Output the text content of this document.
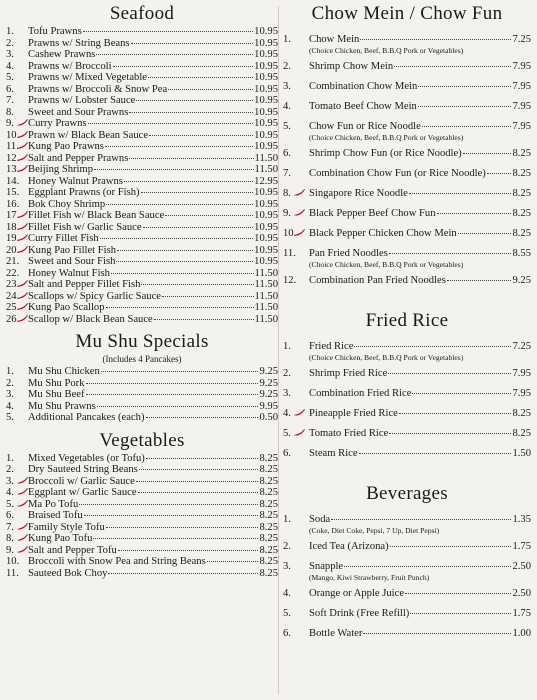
Seafood
1.	Tofu Prawns	10.95
2.	Prawns w/ String Beans	10.95
3.	Cashew Prawns	10.95
4.	Prawns w/ Broccoli	10.95
5.	Prawns w/ Mixed Vegetable	10.95
6.	Prawns w/ Broccoli & Snow Pea	10.95
7.	Prawns w/ Lobster Sauce	10.95
8.	Sweet and Sour Prawns	10.95
9.	Curry Prawns	10.95
10. Prawn w/ Black Bean Sauce	10.95
11. Kung Pao Prawns	10.95
12. Salt and Pepper Prawns	11.50
13. Beijing Shrimp	11.50
14. Honey Walnut Prawns	12.95
15. Eggplant Prawns (or Fish)	10.95
16. Bok Choy Shrimp	10.95
17. Fillet Fish w/ Black Bean Sauce	10.95
18. Fillet Fish w/ Garlic Sauce	10.95
19. Curry Fillet Fish	10.95
20. Kung Pao Fillet Fish	10.95
21. Sweet and Sour Fish	10.95
22. Honey Walnut Fish	11.50
23. Salt and Pepper Fillet Fish	11.50
24. Scallops w/ Spicy Garlic Sauce	11.50
25. Kung Pao Scallop	11.50
26. Scallop w/ Black Bean Sauce	11.50
Mu Shu Specials
(Includes 4 Pancakes)
1.	Mu Shu Chicken	9.25
2.	Mu Shu Pork	9.25
3.	Mu Shu Beef	9.25
4.	Mu Shu Prawns	9.95
5.	Additional Pancakes (each)	0.50
Vegetables
1.	Mixed Vegetables (or Tofu)	8.25
2.	Dry Sauteed String Beans	8.25
3.	Broccoli w/ Garlic Sauce	8.25
4.	Eggplant w/ Garlic Sauce	8.25
5.	Ma Po Tofu	8.25
6.	Braised Tofu	8.25
7.	Family Style Tofu	8.25
8.	Kung Pao Tofu	8.25
9.	Salt and Pepper Tofu	8.25
10. Broccoli with Snow Pea and String Beans	8.25
11. Sauteed Bok Choy	8.25
Chow Mein / Chow Fun
1.	Chow Mein	7.25
(Choice Chicken, Beef, B.B.Q Pork or Vegetables)
2.	Shrimp Chow Mein	7.95
3.	Combination Chow Mein	7.95
4.	Tomato Beef Chow Mein	7.95
5.	Chow Fun or Rice Noodle	7.95
(Choice Chicken, Beef, B.B.Q Pork or Vegetables)
6.	Shrimp Chow Fun (or Rice Noodle)	8.25
7.	Combination Chow Fun (or Rice Noodle)	8.25
8.	Singapore Rice Noodle	8.25
9.	Black Pepper Beef Chow Fun	8.25
10.	Black Pepper Chicken Chow Mein	8.25
11.	Pan Fried Noodles	8.55
(Choice Chicken, Beef, B.B.Q Pork or Vegetables)
12.	Combination Pan Fried Noodles	9.25
Fried Rice
1.	Fried Rice	7.25
(Choice Chicken, Beef, B.B.Q Pork or Vegetables)
2.	Shrimp Fried Rice	7.95
3.	Combination Fried Rice	7.95
4.	Pineapple Fried Rice	8.25
5.	Tomato Fried Rice	8.25
6.	Steam Rice	1.50
Beverages
1.	Soda	1.35
(Coke, Diet Coke, Pepsi, 7 Up, Diet Pepsi)
2.	Iced Tea (Arizona)	1.75
3.	Snapple	2.50
(Mango, Kiwi Strawberry, Fruit Punch)
4.	Orange or Apple Juice	2.50
5.	Soft Drink (Free Refill)	1.75
6.	Bottle Water	1.00
